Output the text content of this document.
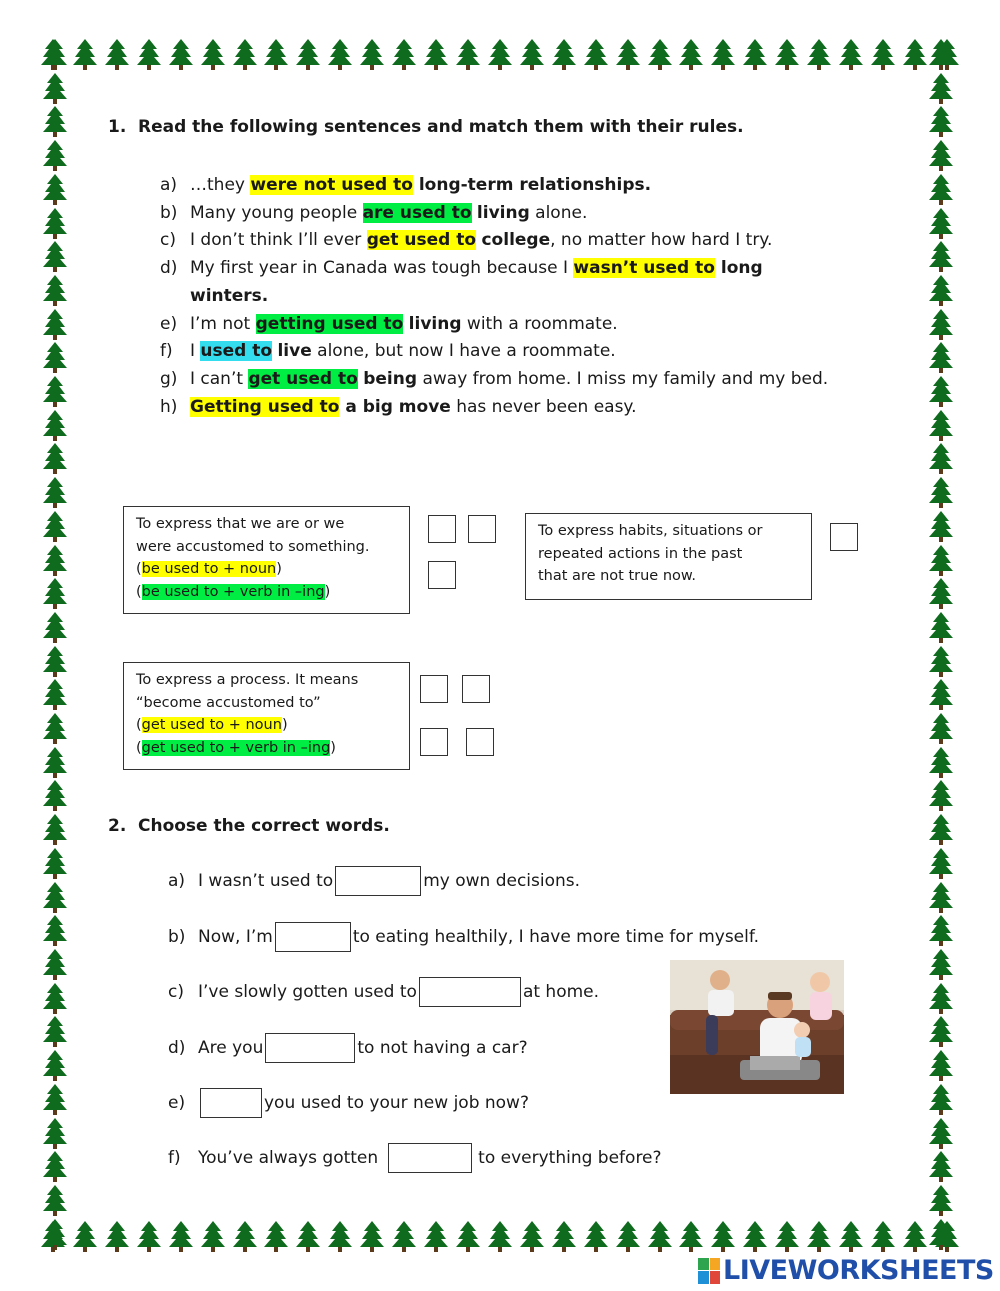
1. Read the following sentences and match them with their rules.
a) …they were not used to long-term relationships.
b) Many young people are used to living alone.
c) I don’t think I’ll ever get used to college, no matter how hard I try.
d) My first year in Canada was tough because I wasn’t used to long winters.
e) I’m not getting used to living with a roommate.
f)	I used to live alone, but now I have a roommate.
g) I can’t get used to being away from home. I miss my family and my bed.
h) Getting used to a big move has never been easy.
To express that we are or we
were accustomed to something.
(be used to + noun)
(be used to + verb in –ing)
To express habits, situations or
repeated actions in the past
that are not true now.
To express a process. It means
“become accustomed to”
(get used to + noun)
(get used to + verb in –ing)
2. Choose the correct words.
a) I wasn’t used to	my own decisions.
b) Now, I’m	to eating healthily, I have more time for myself.
c) I’ve slowly gotten used to	at home.
d) Are you	to not having a car?
e)	you used to your new job now?
f)	You’ve always gotten	to everything before?
LIVEWORKSHEETS
